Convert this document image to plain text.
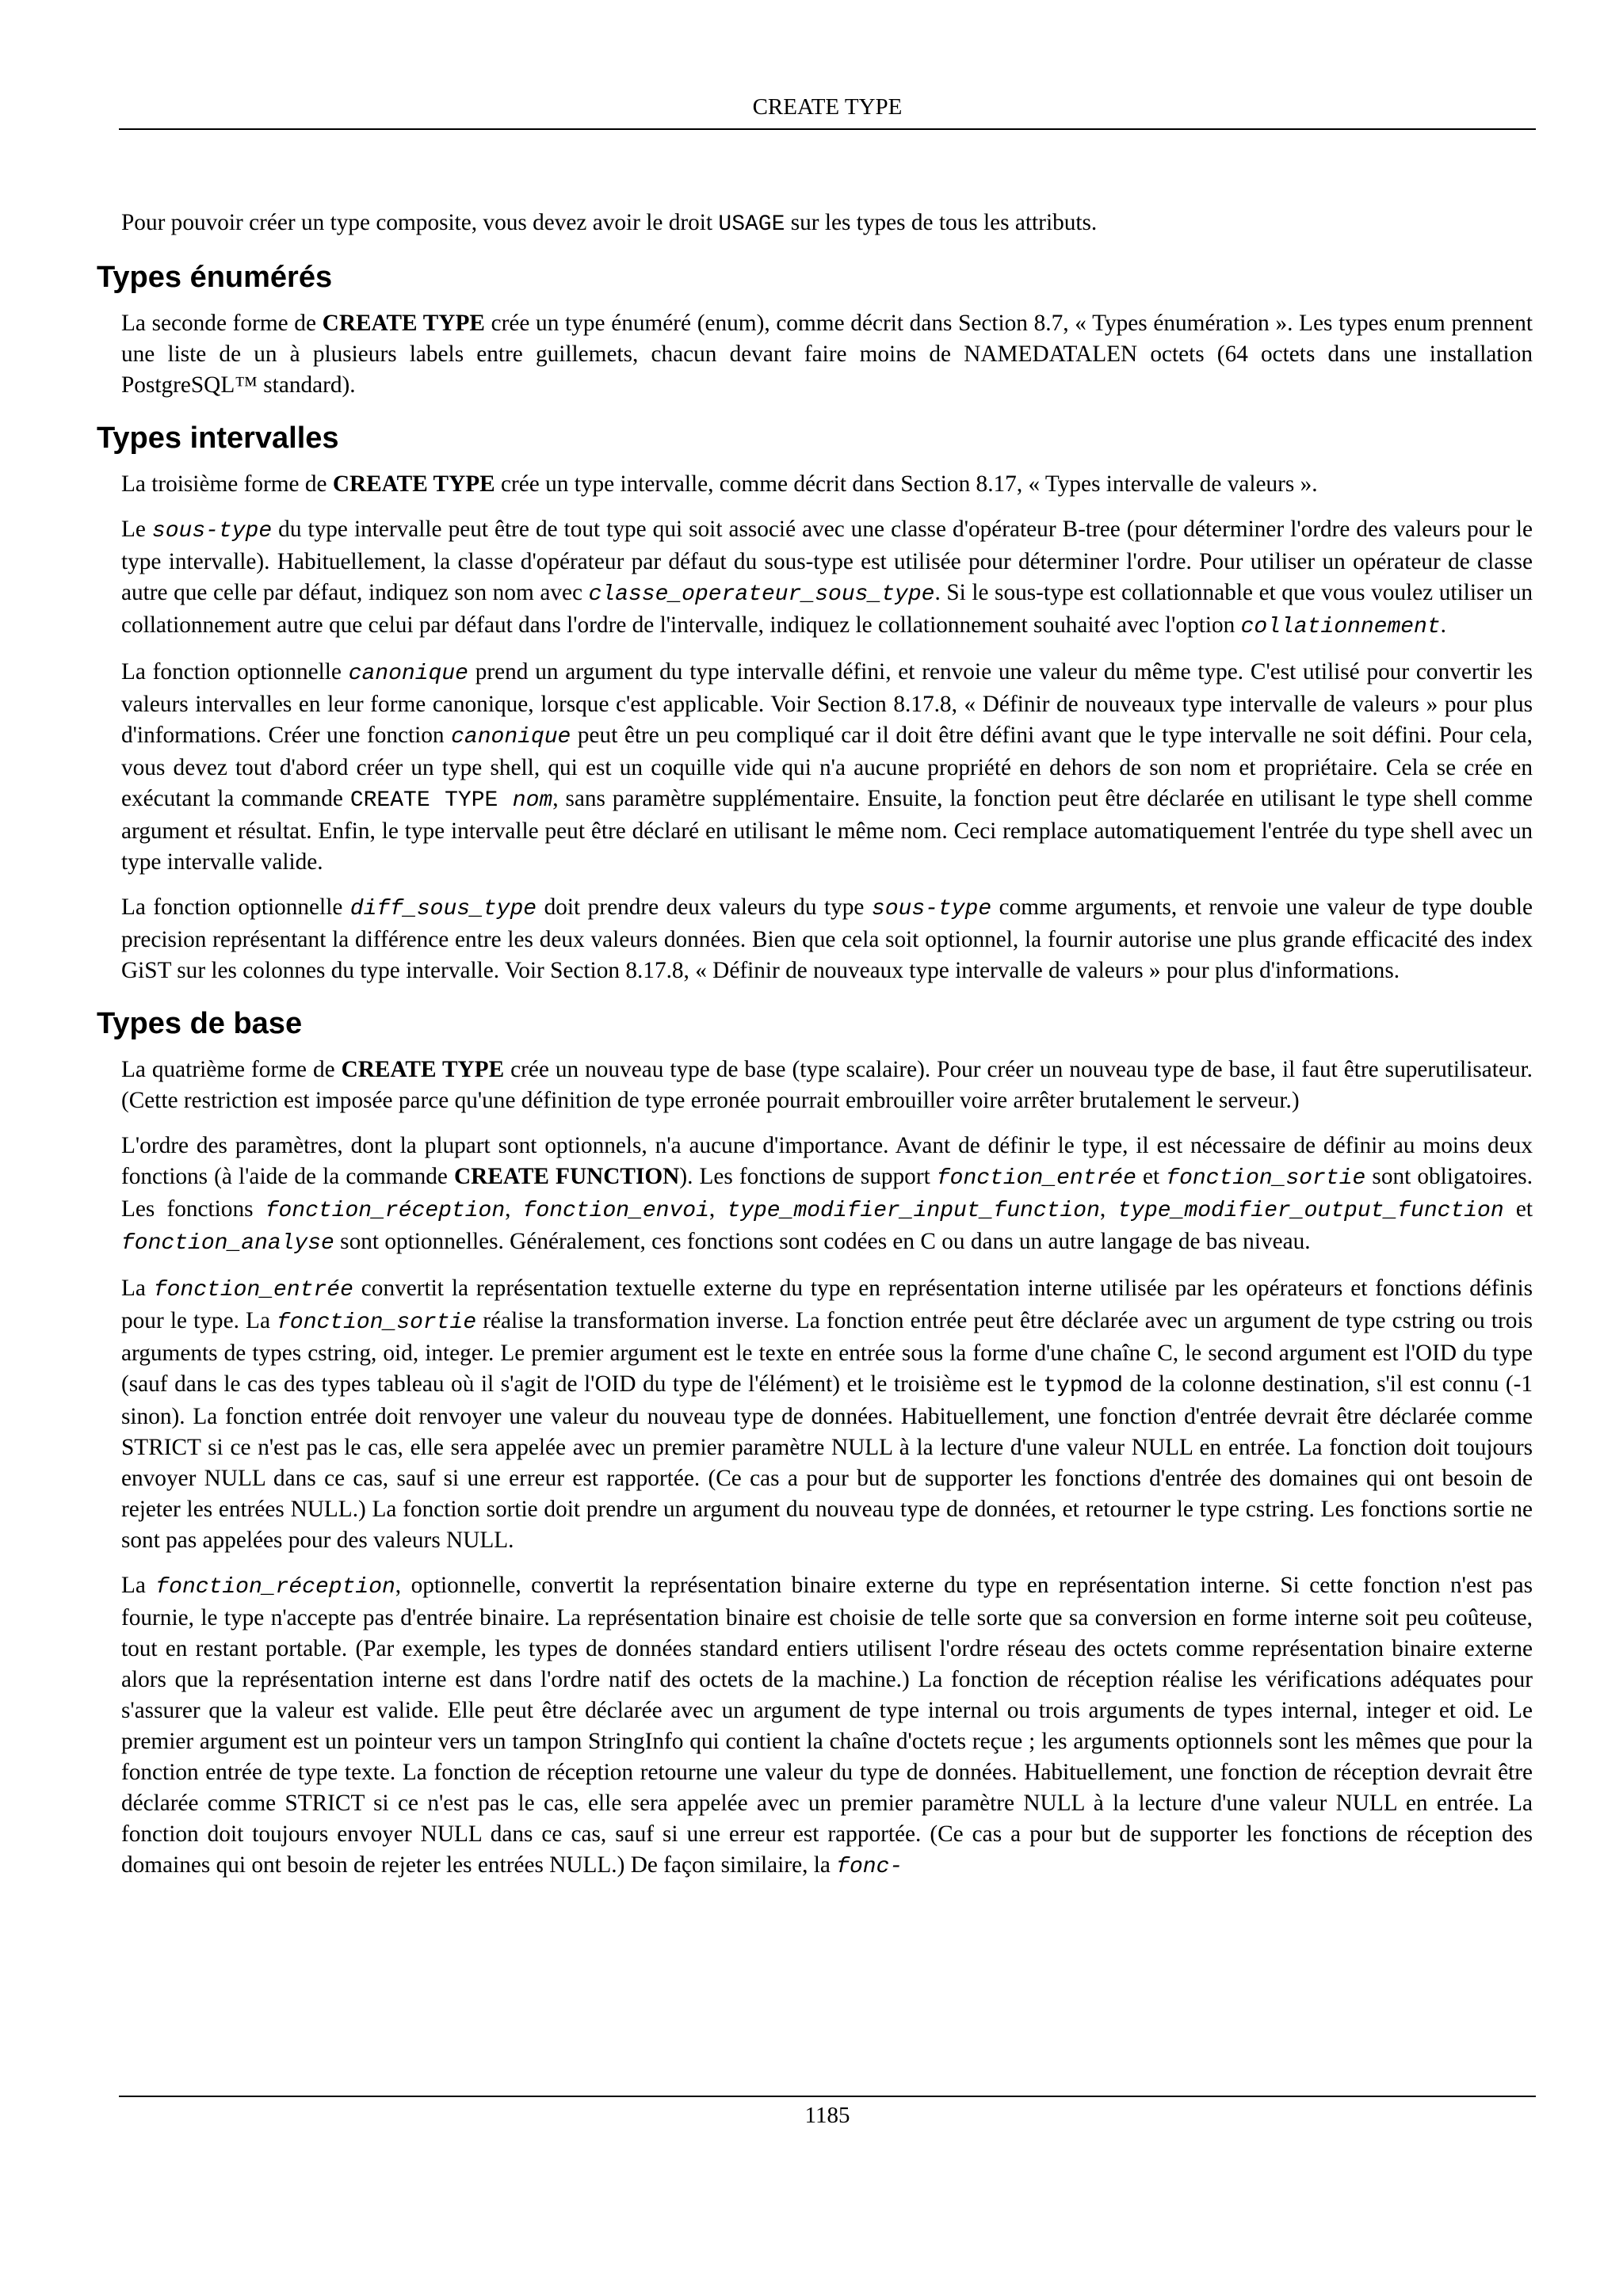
CREATE TYPE

Pour pouvoir créer un type composite, vous devez avoir le droit USAGE sur les types de tous les attributs.

Types énumérés

La seconde forme de CREATE TYPE crée un type énuméré (enum), comme décrit dans Section 8.7, « Types énumération ». Les types enum prennent une liste de un à plusieurs labels entre guillemets, chacun devant faire moins de NAMEDATALEN octets (64 octets dans une installation PostgreSQL™ standard).

Types intervalles

La troisième forme de CREATE TYPE crée un type intervalle, comme décrit dans Section 8.17, « Types intervalle de valeurs ».

Le sous-type du type intervalle peut être de tout type qui soit associé avec une classe d'opérateur B-tree (pour déterminer l'ordre des valeurs pour le type intervalle). Habituellement, la classe d'opérateur par défaut du sous-type est utilisée pour déterminer l'ordre. Pour utiliser un opérateur de classe autre que celle par défaut, indiquez son nom avec classe_operateur_sous_type. Si le sous-type est collationnable et que vous voulez utiliser un collationnement autre que celui par défaut dans l'ordre de l'intervalle, indiquez le collationnement souhaité avec l'option collationnement.

La fonction optionnelle canonique prend un argument du type intervalle défini, et renvoie une valeur du même type. C'est utilisé pour convertir les valeurs intervalles en leur forme canonique, lorsque c'est applicable. Voir Section 8.17.8, « Définir de nouveaux type intervalle de valeurs » pour plus d'informations. Créer une fonction canonique peut être un peu compliqué car il doit être défini avant que le type intervalle ne soit défini. Pour cela, vous devez tout d'abord créer un type shell, qui est un coquille vide qui n'a aucune propriété en dehors de son nom et propriétaire. Cela se crée en exécutant la commande CREATE TYPE nom, sans paramètre supplémentaire. Ensuite, la fonction peut être déclarée en utilisant le type shell comme argument et résultat. Enfin, le type intervalle peut être déclaré en utilisant le même nom. Ceci remplace automatiquement l'entrée du type shell avec un type intervalle valide.

La fonction optionnelle diff_sous_type doit prendre deux valeurs du type sous-type comme arguments, et renvoie une valeur de type double precision représentant la différence entre les deux valeurs données. Bien que cela soit optionnel, la fournir autorise une plus grande efficacité des index GiST sur les colonnes du type intervalle. Voir Section 8.17.8, « Définir de nouveaux type intervalle de valeurs » pour plus d'informations.

Types de base

La quatrième forme de CREATE TYPE crée un nouveau type de base (type scalaire). Pour créer un nouveau type de base, il faut être superutilisateur. (Cette restriction est imposée parce qu'une définition de type erronée pourrait embrouiller voire arrêter brutalement le serveur.)

L'ordre des paramètres, dont la plupart sont optionnels, n'a aucune d'importance. Avant de définir le type, il est nécessaire de définir au moins deux fonctions (à l'aide de la commande CREATE FUNCTION). Les fonctions de support fonction_entrée et fonction_sortie sont obligatoires. Les fonctions fonction_réception, fonction_envoi, type_modifier_input_function, type_modifier_output_function et fonction_analyse sont optionnelles. Généralement, ces fonctions sont codées en C ou dans un autre langage de bas niveau.

La fonction_entrée convertit la représentation textuelle externe du type en représentation interne utilisée par les opérateurs et fonctions définis pour le type. La fonction_sortie réalise la transformation inverse. La fonction entrée peut être déclarée avec un argument de type cstring ou trois arguments de types cstring, oid, integer. Le premier argument est le texte en entrée sous la forme d'une chaîne C, le second argument est l'OID du type (sauf dans le cas des types tableau où il s'agit de l'OID du type de l'élément) et le troisième est le typmod de la colonne destination, s'il est connu (-1 sinon). La fonction entrée doit renvoyer une valeur du nouveau type de données. Habituellement, une fonction d'entrée devrait être déclarée comme STRICT si ce n'est pas le cas, elle sera appelée avec un premier paramètre NULL à la lecture d'une valeur NULL en entrée. La fonction doit toujours envoyer NULL dans ce cas, sauf si une erreur est rapportée. (Ce cas a pour but de supporter les fonctions d'entrée des domaines qui ont besoin de rejeter les entrées NULL.) La fonction sortie doit prendre un argument du nouveau type de données, et retourner le type cstring. Les fonctions sortie ne sont pas appelées pour des valeurs NULL.

La fonction_réception, optionnelle, convertit la représentation binaire externe du type en représentation interne. Si cette fonction n'est pas fournie, le type n'accepte pas d'entrée binaire. La représentation binaire est choisie de telle sorte que sa conversion en forme interne soit peu coûteuse, tout en restant portable. (Par exemple, les types de données standard entiers utilisent l'ordre réseau des octets comme représentation binaire externe alors que la représentation interne est dans l'ordre natif des octets de la machine.) La fonction de réception réalise les vérifications adéquates pour s'assurer que la valeur est valide. Elle peut être déclarée avec un argument de type internal ou trois arguments de types internal, integer et oid. Le premier argument est un pointeur vers un tampon StringInfo qui contient la chaîne d'octets reçue ; les arguments optionnels sont les mêmes que pour la fonction entrée de type texte. La fonction de réception retourne une valeur du type de données. Habituellement, une fonction de réception devrait être déclarée comme STRICT si ce n'est pas le cas, elle sera appelée avec un premier paramètre NULL à la lecture d'une valeur NULL en entrée. La fonction doit toujours envoyer NULL dans ce cas, sauf si une erreur est rapportée. (Ce cas a pour but de supporter les fonctions de réception des domaines qui ont besoin de rejeter les entrées NULL.) De façon similaire, la fonc-

1185
